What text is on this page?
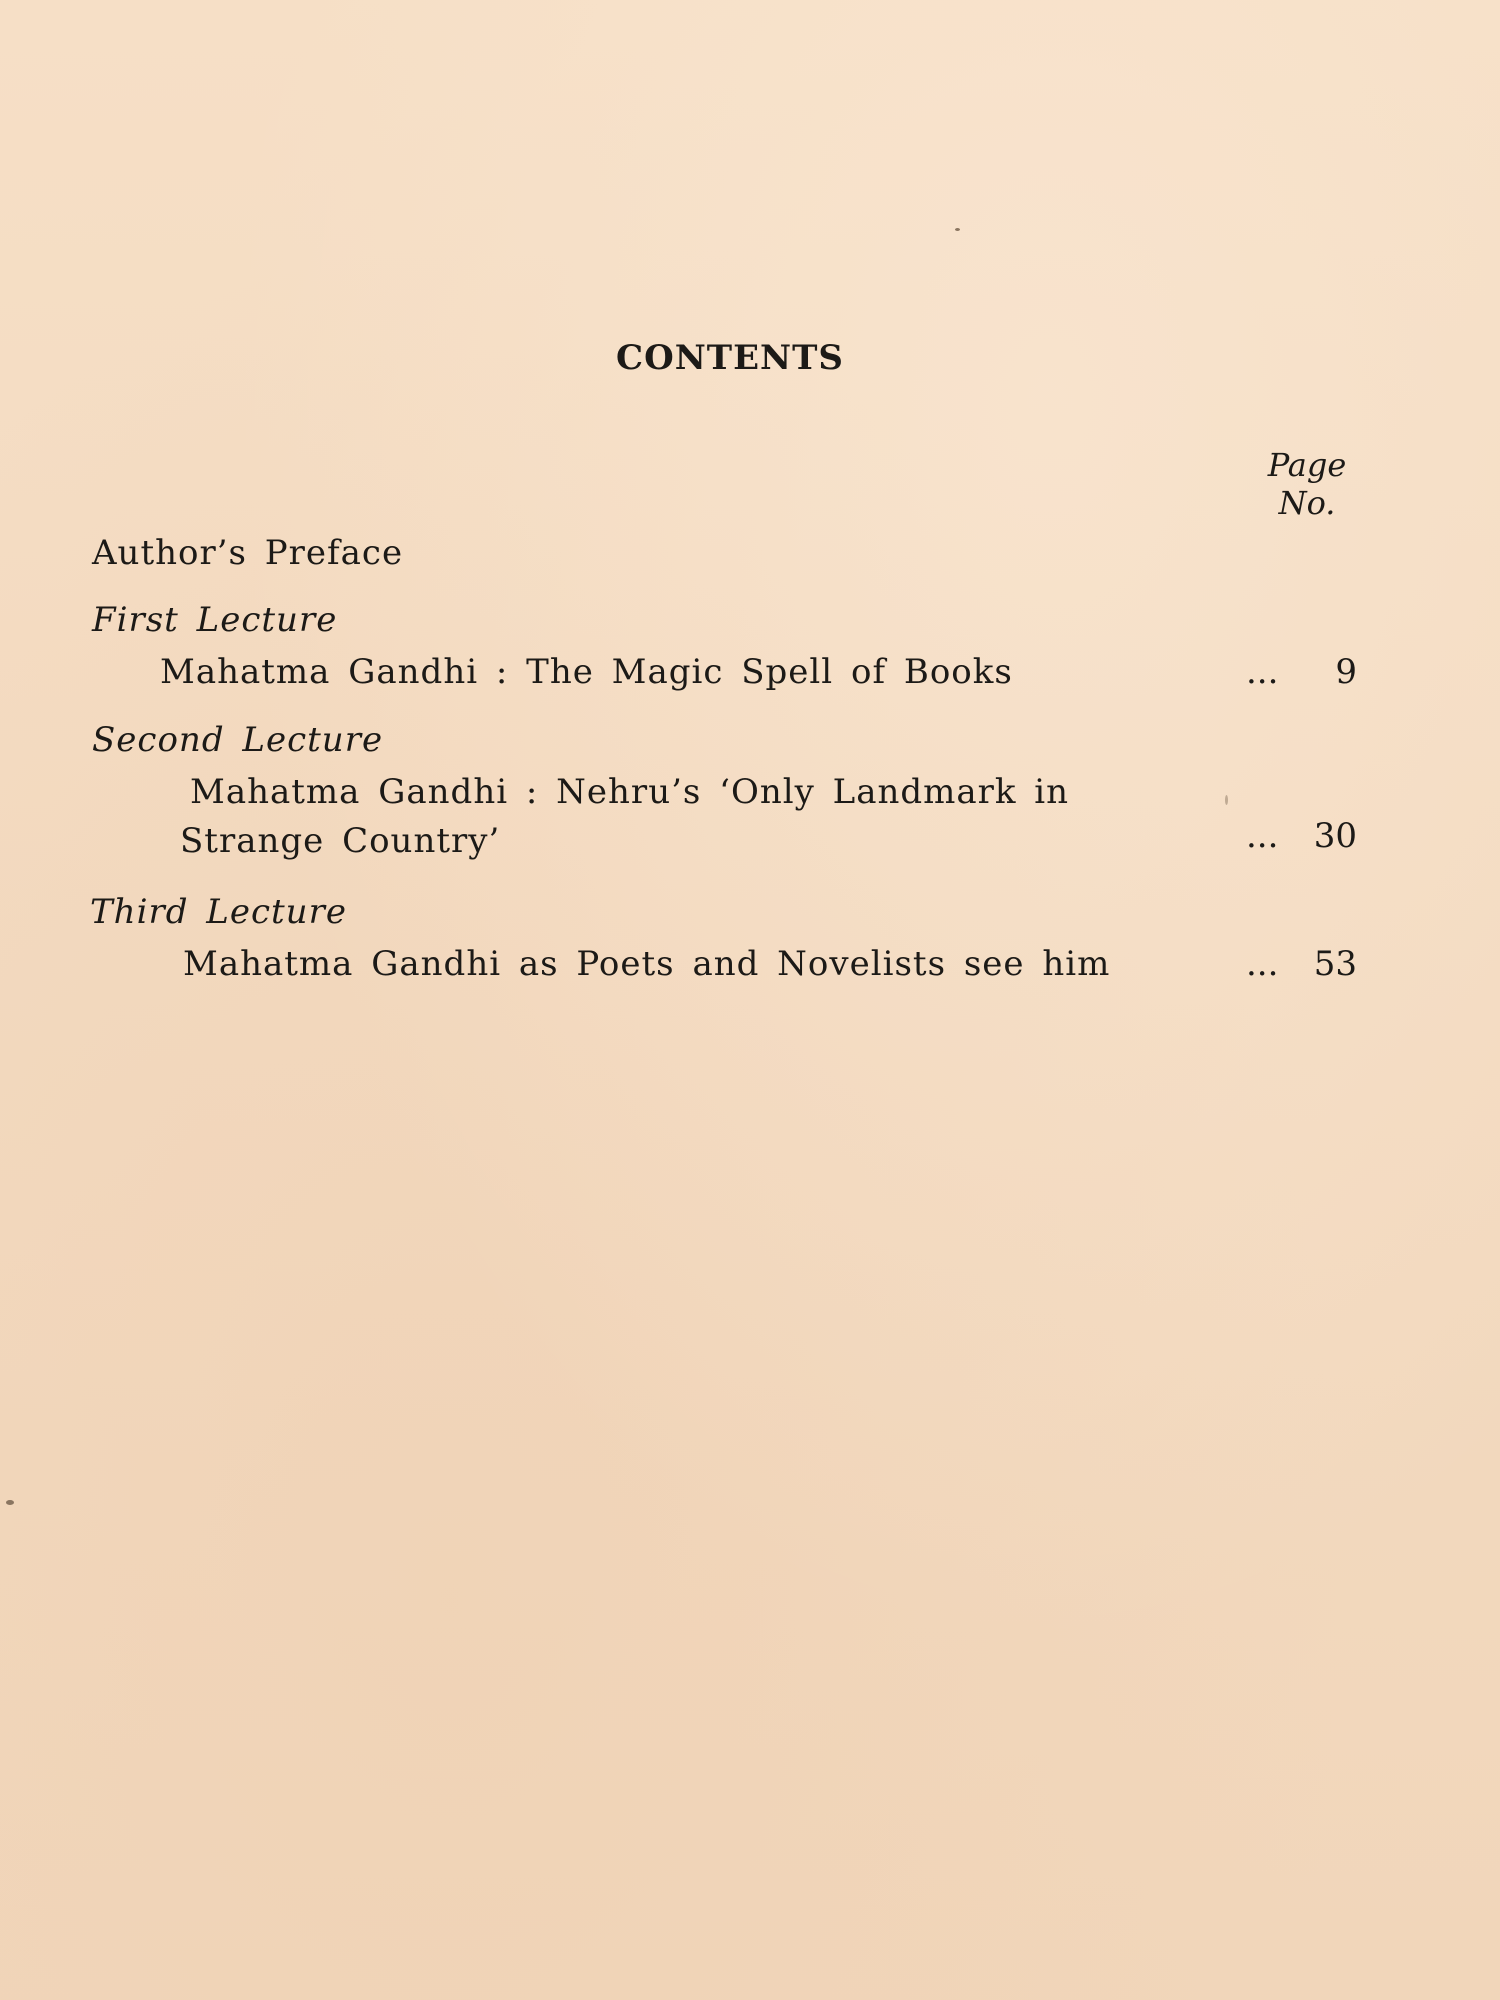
CONTENTS
Page
No.
Author’s Preface
First Lecture
Mahatma Gandhi : The Magic Spell of Books	...	9
Second Lecture
Mahatma Gandhi : Nehru’s ‘Only Landmark in
Strange Country’	...	30
Third Lecture
Mahatma Gandhi as Poets and Novelists see him	...	53
